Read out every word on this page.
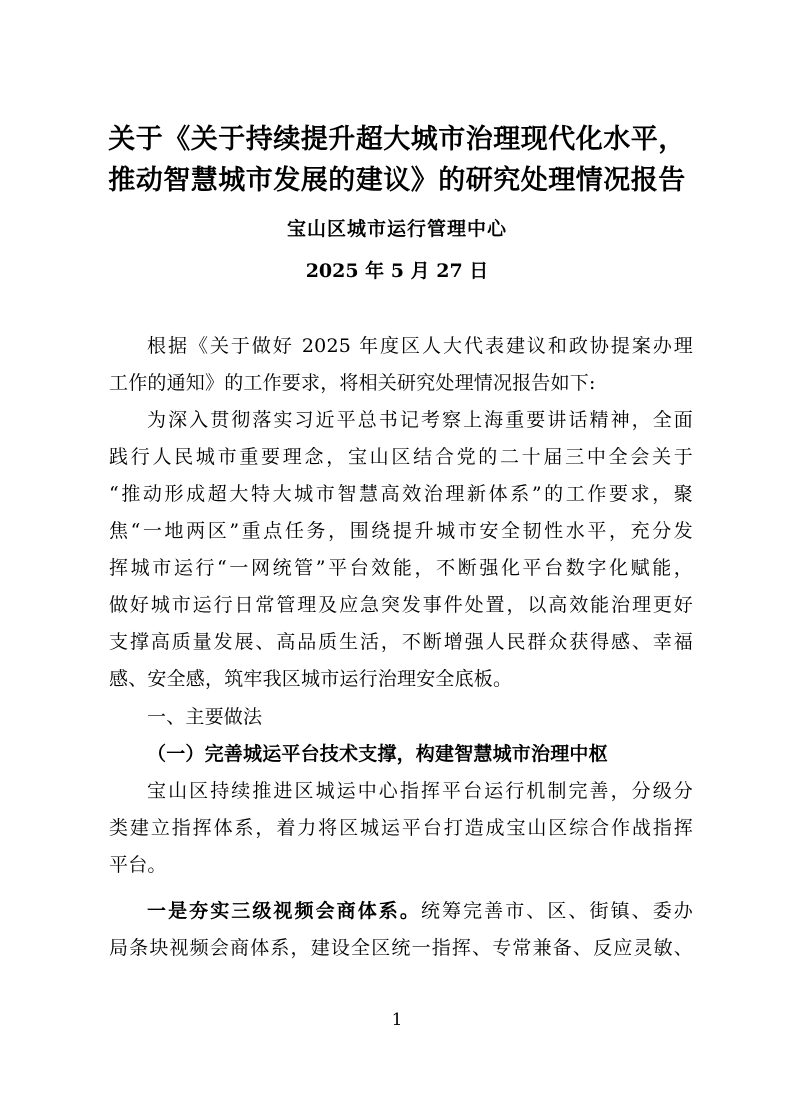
关于《关于持续提升超大城市治理现代化水平，
推动智慧城市发展的建议》的研究处理情况报告
宝山区城市运行管理中心
2025 年 5 月 27 日
根据《关于做好 2025 年度区人大代表建议和政协提案办理
工作的通知》的工作要求，将相关研究处理情况报告如下:
为深入贯彻落实习近平总书记考察上海重要讲话精神，全面
践行人民城市重要理念，宝山区结合党的二十届三中全会关于
“推动形成超大特大城市智慧高效治理新体系”的工作要求，聚
焦“一地两区”重点任务，围绕提升城市安全韧性水平，充分发
挥城市运行“一网统管”平台效能，不断强化平台数字化赋能，
做好城市运行日常管理及应急突发事件处置，以高效能治理更好
支撑高质量发展、高品质生活，不断增强人民群众获得感、幸福
感、安全感，筑牢我区城市运行治理安全底板。
一、主要做法
（一）完善城运平台技术支撑，构建智慧城市治理中枢
宝山区持续推进区城运中心指挥平台运行机制完善，分级分
类建立指挥体系，着力将区城运平台打造成宝山区综合作战指挥
平台。
一是夯实三级视频会商体系。统筹完善市、区、街镇、委办
局条块视频会商体系，建设全区统一指挥、专常兼备、反应灵敏、
1
